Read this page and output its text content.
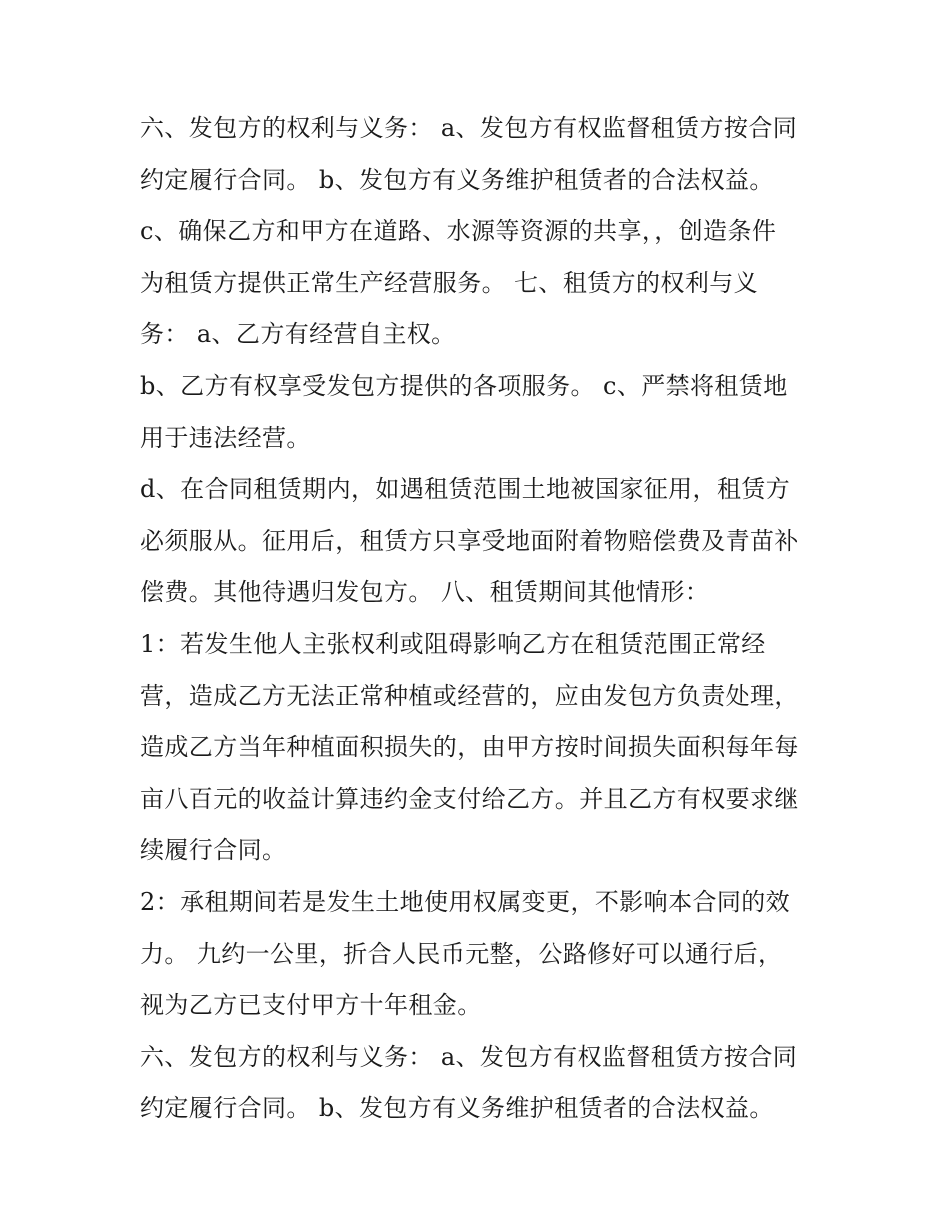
六、发包方的权利与义务： a、发包方有权监督租赁方按合同
约定履行合同。 b、发包方有义务维护租赁者的合法权益。
c、确保乙方和甲方在道路、水源等资源的共享，，创造条件
为租赁方提供正常生产经营服务。 七、租赁方的权利与义
务： a、乙方有经营自主权。
b、乙方有权享受发包方提供的各项服务。 c、严禁将租赁地
用于违法经营。
d、在合同租赁期内，如遇租赁范围土地被国家征用，租赁方
必须服从。征用后，租赁方只享受地面附着物赔偿费及青苗补
偿费。其他待遇归发包方。 八、租赁期间其他情形：
1：若发生他人主张权利或阻碍影响乙方在租赁范围正常经
营，造成乙方无法正常种植或经营的，应由发包方负责处理，
造成乙方当年种植面积损失的，由甲方按时间损失面积每年每
亩八百元的收益计算违约金支付给乙方。并且乙方有权要求继
续履行合同。
2：承租期间若是发生土地使用权属变更，不影响本合同的效
力。 九约一公里，折合人民币元整，公路修好可以通行后，
视为乙方已支付甲方十年租金。
六、发包方的权利与义务： a、发包方有权监督租赁方按合同
约定履行合同。 b、发包方有义务维护租赁者的合法权益。
